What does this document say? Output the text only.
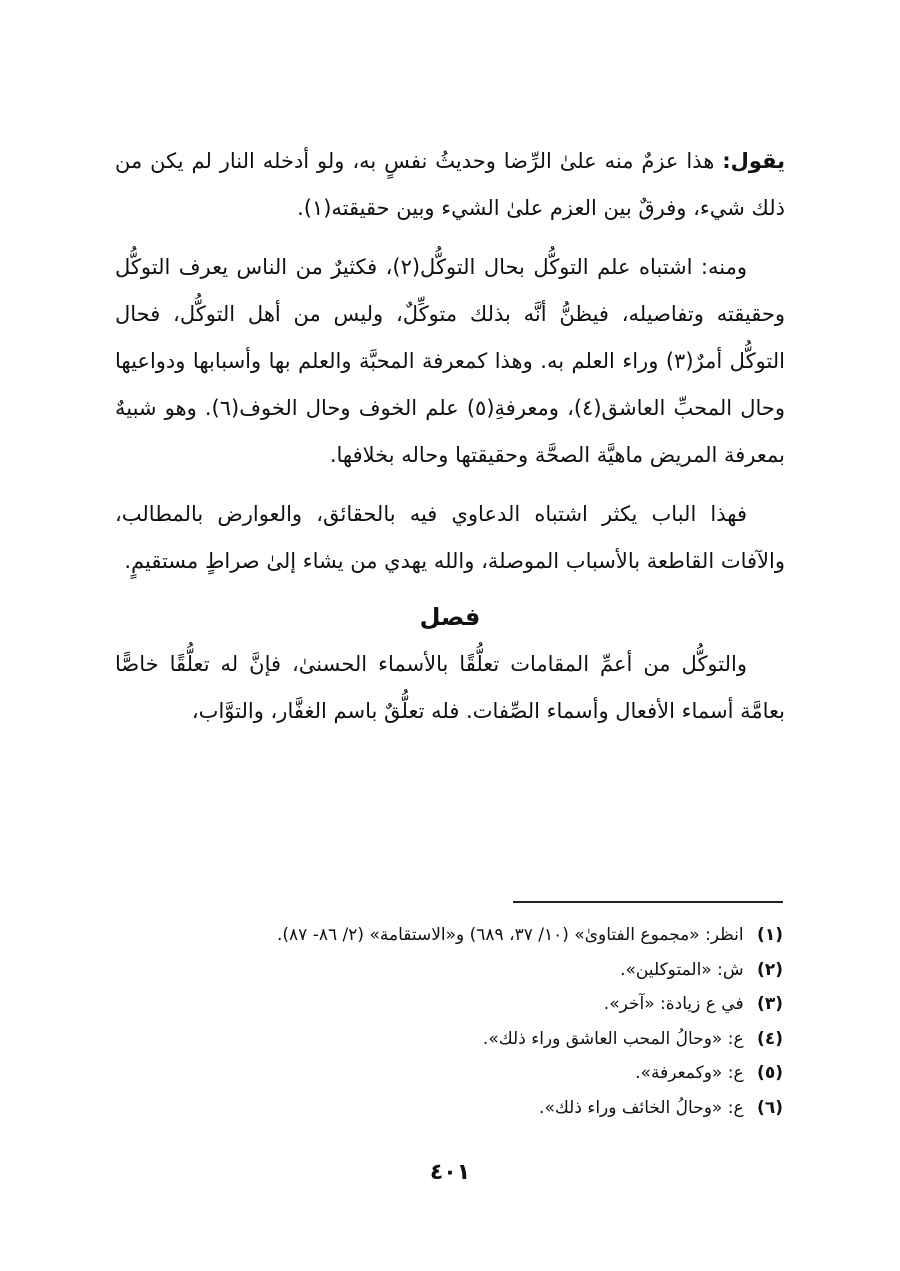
يقول: هذا عزمٌ منه علىٰ الرِّضا وحديثُ نفسٍ به، ولو أدخله النار لم يكن من ذلك شيء، وفرقٌ بين العزم علىٰ الشيء وبين حقيقته(١).

ومنه: اشتباه علم التوكُّل بحال التوكُّل(٢)، فكثيرٌ من الناس يعرف التوكُّل وحقيقته وتفاصيله، فيظنُّ أنَّه بذلك متوكِّلٌ، وليس من أهل التوكُّل، فحال التوكُّل أمرٌ(٣) وراء العلم به. وهذا كمعرفة المحبَّة والعلم بها وأسبابها ودواعيها وحال المحبِّ العاشق(٤)، ومعرفةِ(٥) علم الخوف وحال الخوف(٦). وهو شبيهٌ بمعرفة المريض ماهيَّة الصحَّة وحقيقتها وحاله بخلافها.

فهذا الباب يكثر اشتباه الدعاوي فيه بالحقائق، والعوارض بالمطالب، والآفات القاطعة بالأسباب الموصلة، والله يهدي من يشاء إلىٰ صراطٍ مستقيمٍ.

فصل

والتوكُّل من أعمِّ المقامات تعلُّقًا بالأسماء الحسنىٰ، فإنَّ له تعلُّقًا خاصًّا بعامَّة أسماء الأفعال وأسماء الصِّفات. فله تعلُّقٌ باسم الغفَّار، والتوَّاب،

(١) انظر: «مجموع الفتاوىٰ» (١٠/ ٣٧، ٦٨٩) و«الاستقامة» (٢/ ٨٦- ٨٧).
(٢) ش: «المتوكلين».
(٣) في ع زيادة: «آخر».
(٤) ع: «وحالُ المحب العاشق وراء ذلك».
(٥) ع: «وكمعرفة».
(٦) ع: «وحالُ الخائف وراء ذلك».
٤٠١
